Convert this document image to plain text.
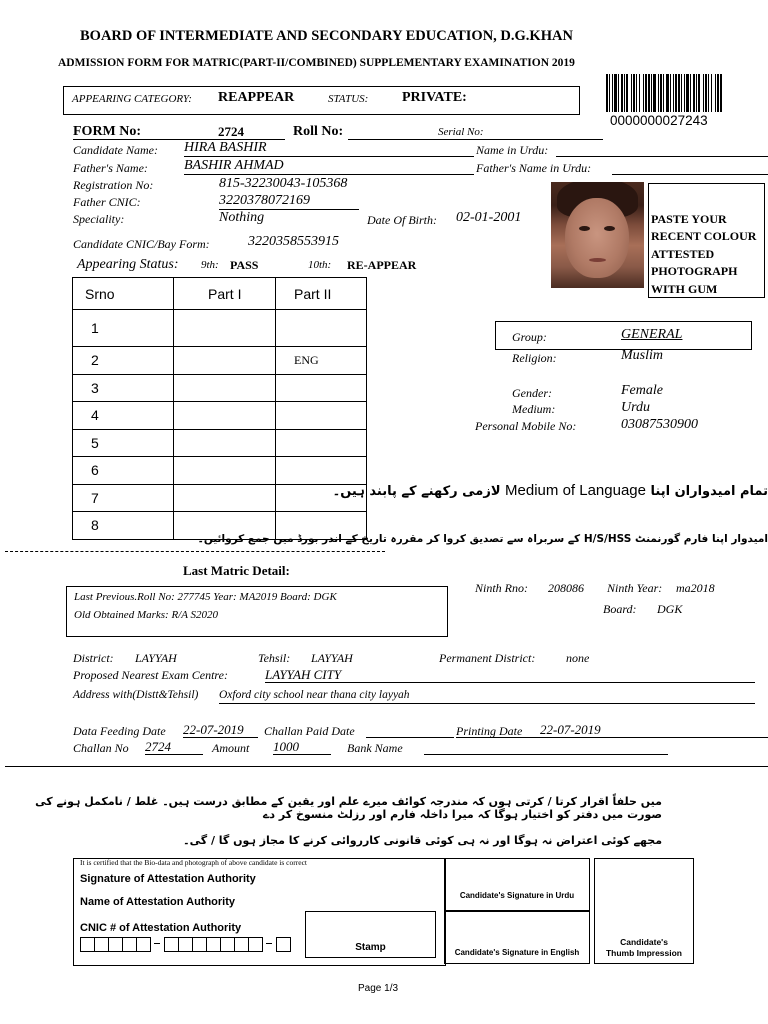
BOARD OF INTERMEDIATE AND SECONDARY EDUCATION, D.G.KHAN
ADMISSION FORM FOR MATRIC(PART-II/COMBINED) SUPPLEMENTARY EXAMINATION 2019
APPEARING CATEGORY: REAPPEAR	STATUS: PRIVATE:
0000000027243
FORM No:	2724	Roll No:	Serial No:
Candidate Name: HIRA BASHIR	Name in Urdu:
Father's Name:	BASHIR AHMAD	Father's Name in Urdu:
Registration No:	815-32230043-105368
Father CNIC:	3220378072169
Speciality:	Nothing	Date Of Birth: 02-01-2001
Candidate CNIC/Bay Form:	3220358553915
Appearing Status: 9th: PASS	10th: RE-APPEAR
PASTE YOUR
RECENT COLOUR
ATTESTED
PHOTOGRAPH
WITH GUM
Srno	Part I	Part II
1		
2		ENG
3		
4		
5		
6		
7		
8		
Group:	GENERAL
Religion:	Muslim
Gender:	Female
Medium:	Urdu
Personal Mobile No:	03087530900
تمام امیدواران اپنا Medium of Language لازمی رکھنے کے پابند ہیں۔
امیدوار اپنا فارم گورنمنٹ H/S/HSS کے سربراہ سے تصدیق کروا کر مقررہ تاریخ کے اندر بورڈ میں جمع کروائیں۔
Last Matric Detail:
Last Previous.Roll No: 277745 Year: MA2019 Board: DGK
Old Obtained Marks: R/A S2020
Ninth Rno: 208086 Ninth Year: ma2018
Board: DGK
District: LAYYAH	Tehsil: LAYYAH	Permanent District:	none
Proposed Nearest Exam Centre:	LAYYAH CITY
Address with(Distt&Tehsil) Oxford city school near thana city layyah
Data Feeding Date 22-07-2019 Challan Paid Date	Printing Date 22-07-2019
Challan No 2724	Amount 1000	Bank Name
میں حلفاً اقرار کرتا / کرتی ہوں کہ مندرجہ کوائف میرے علم اور یقین کے مطابق درست ہیں۔ غلط / نامکمل ہونے کی صورت میں دفتر کو اختیار ہوگا کہ میرا داخلہ فارم اور رزلٹ منسوخ کر دے
مجھے کوئی اعتراض نہ ہوگا اور نہ ہی کوئی قانونی کارروائی کرنے کا مجاز ہوں گا / گی۔
It is certified that the Bio-data and photograph of above candidate is correct
Signature of Attestation Authority
Name of Attestation Authority
CNIC # of Attestation Authority
Stamp
Candidate's Signature in Urdu
Candidate's Signature in English
Candidate's
Thumb Impression
Page 1/3
